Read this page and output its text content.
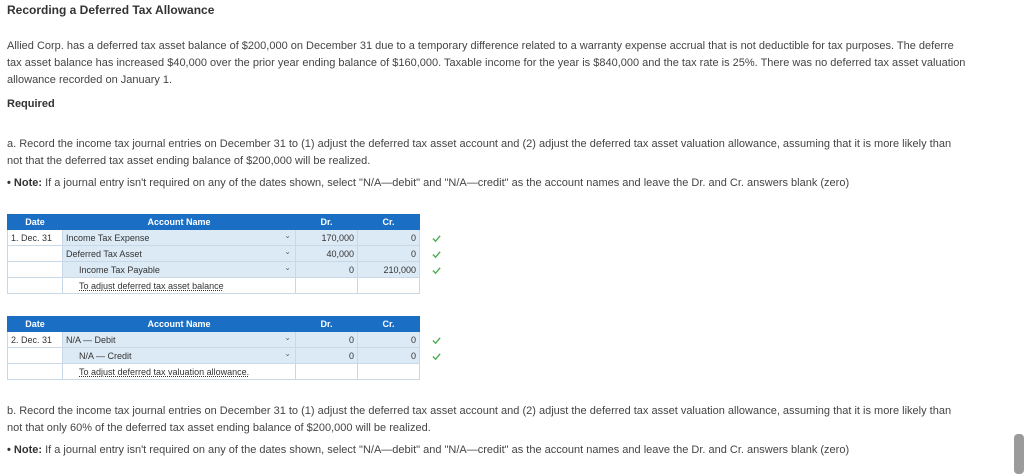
Recording a Deferred Tax Allowance
Allied Corp. has a deferred tax asset balance of $200,000 on December 31 due to a temporary difference related to a warranty expense accrual that is not deductible for tax purposes. The deferre
tax asset balance has increased $40,000 over the prior year ending balance of $160,000. Taxable income for the year is $840,000 and the tax rate is 25%. There was no deferred tax asset valuation
allowance recorded on January 1.
Required
a. Record the income tax journal entries on December 31 to (1) adjust the deferred tax asset account and (2) adjust the deferred tax asset valuation allowance, assuming that it is more likely than
not that the deferred tax asset ending balance of $200,000 will be realized.
• Note: If a journal entry isn't required on any of the dates shown, select "N/A—debit" and "N/A—credit" as the account names and leave the Dr. and Cr. answers blank (zero)
Date	Account Name	Dr.	Cr.
1. Dec. 31	Income Tax Expense ⌄	170,000	0
	Deferred Tax Asset ⌄	40,000	0
	Income Tax Payable ⌄	0	210,000
	To adjust deferred tax asset balance		
Date	Account Name	Dr.	Cr.
2. Dec. 31	N/A — Debit ⌄	0	0
	N/A — Credit ⌄	0	0
	To adjust deferred tax valuation allowance.		
b. Record the income tax journal entries on December 31 to (1) adjust the deferred tax asset account and (2) adjust the deferred tax asset valuation allowance, assuming that it is more likely than
not that only 60% of the deferred tax asset ending balance of $200,000 will be realized.
• Note: If a journal entry isn't required on any of the dates shown, select "N/A—debit" and "N/A—credit" as the account names and leave the Dr. and Cr. answers blank (zero)
